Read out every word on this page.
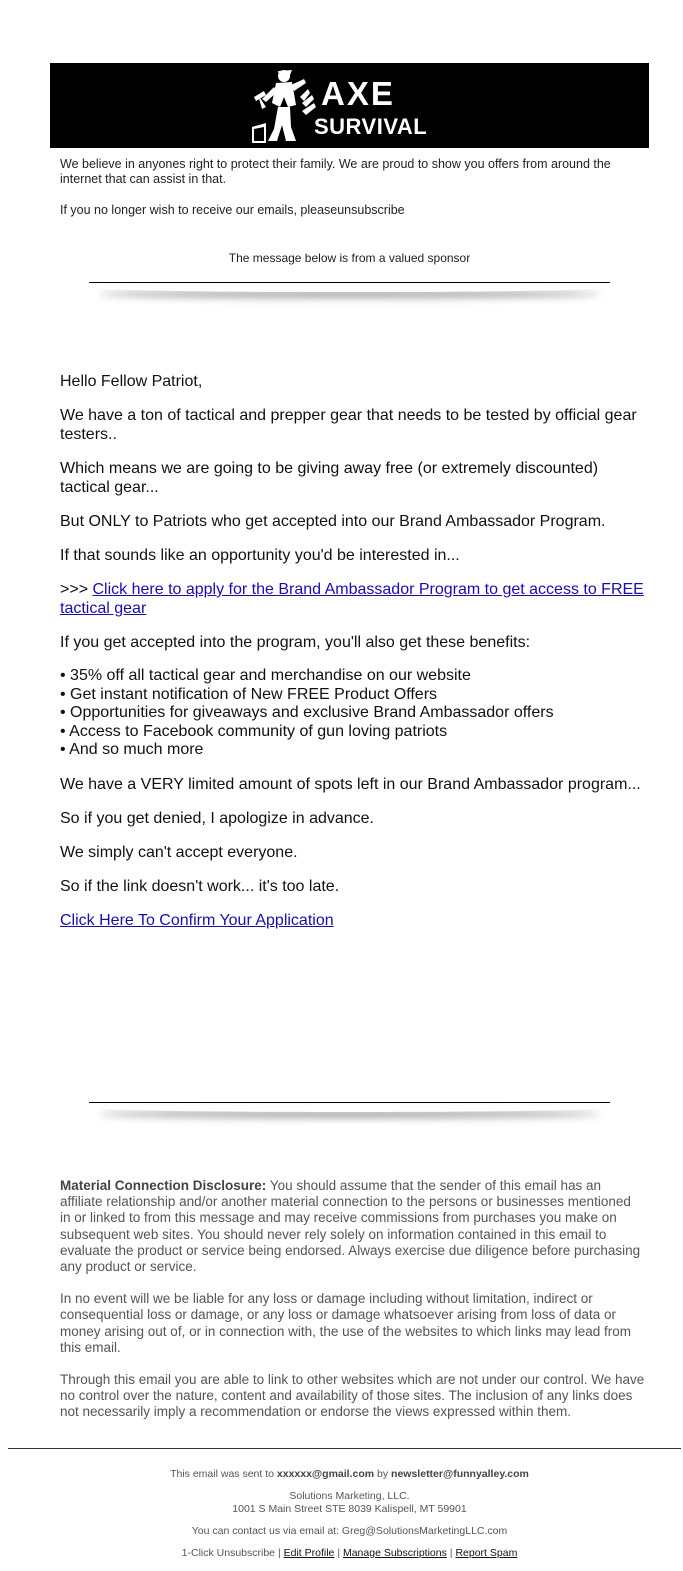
AXE
SURVIVAL
We believe in anyones right to protect their family. We are proud to show you offers from around the internet that can assist in that.
If you no longer wish to receive our emails, pleaseunsubscribe
The message below is from a valued sponsor

Hello Fellow Patriot,

We have a ton of tactical and prepper gear that needs to be tested by official gear testers..

Which means we are going to be giving away free (or extremely discounted) tactical gear...

But ONLY to Patriots who get accepted into our Brand Ambassador Program.

If that sounds like an opportunity you'd be interested in...

>>> Click here to apply for the Brand Ambassador Program to get access to FREE tactical gear

If you get accepted into the program, you'll also get these benefits:

• 35% off all tactical gear and merchandise on our website
• Get instant notification of New FREE Product Offers
• Opportunities for giveaways and exclusive Brand Ambassador offers
• Access to Facebook community of gun loving patriots
• And so much more

We have a VERY limited amount of spots left in our Brand Ambassador program...

So if you get denied, I apologize in advance.

We simply can't accept everyone.

So if the link doesn't work... it's too late.

Click Here To Confirm Your Application

Material Connection Disclosure: You should assume that the sender of this email has an affiliate relationship and/or another material connection to the persons or businesses mentioned in or linked to from this message and may receive commissions from purchases you make on subsequent web sites. You should never rely solely on information contained in this email to evaluate the product or service being endorsed. Always exercise due diligence before purchasing any product or service.

In no event will we be liable for any loss or damage including without limitation, indirect or consequential loss or damage, or any loss or damage whatsoever arising from loss of data or money arising out of, or in connection with, the use of the websites to which links may lead from this email.

Through this email you are able to link to other websites which are not under our control. We have no control over the nature, content and availability of those sites. The inclusion of any links does not necessarily imply a recommendation or endorse the views expressed within them.

This email was sent to xxxxxx@gmail.com by newsletter@funnyalley.com
Solutions Marketing, LLC.
1001 S Main Street STE 8039 Kalispell, MT 59901
You can contact us via email at: Greg@SolutionsMarketingLLC.com
1-Click Unsubscribe | Edit Profile | Manage Subscriptions | Report Spam
